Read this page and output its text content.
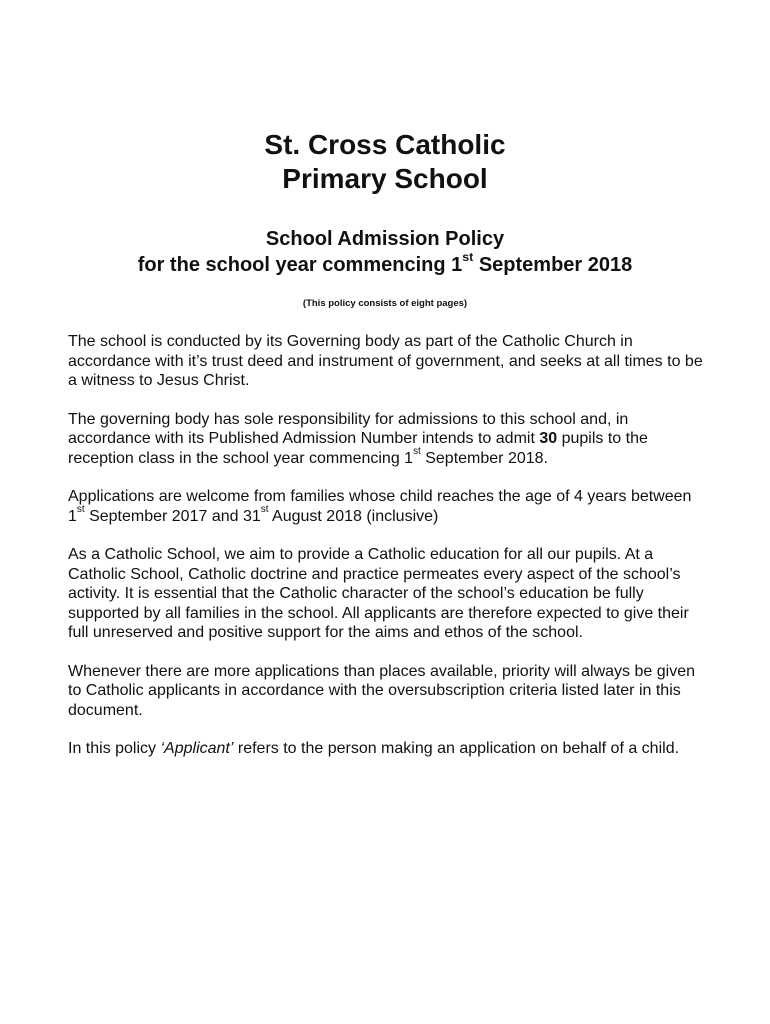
St. Cross Catholic
Primary School
School Admission Policy
for the school year commencing 1st September 2018

(This policy consists of eight pages)

The school is conducted by its Governing body as part of the Catholic Church in accordance with it’s trust deed and instrument of government, and seeks at all times to be a witness to Jesus Christ.

The governing body has sole responsibility for admissions to this school and, in accordance with its Published Admission Number intends to admit 30 pupils to the reception class in the school year commencing 1st September 2018.

Applications are welcome from families whose child reaches the age of 4 years between 1st September 2017 and 31st August 2018 (inclusive)

As a Catholic School, we aim to provide a Catholic education for all our pupils. At a Catholic School, Catholic doctrine and practice permeates every aspect of the school’s activity. It is essential that the Catholic character of the school’s education be fully supported by all families in the school. All applicants are therefore expected to give their full unreserved and positive support for the aims and ethos of the school.

Whenever there are more applications than places available, priority will always be given to Catholic applicants in accordance with the oversubscription criteria listed later in this document.

In this policy ‘Applicant’ refers to the person making an application on behalf of a child.
